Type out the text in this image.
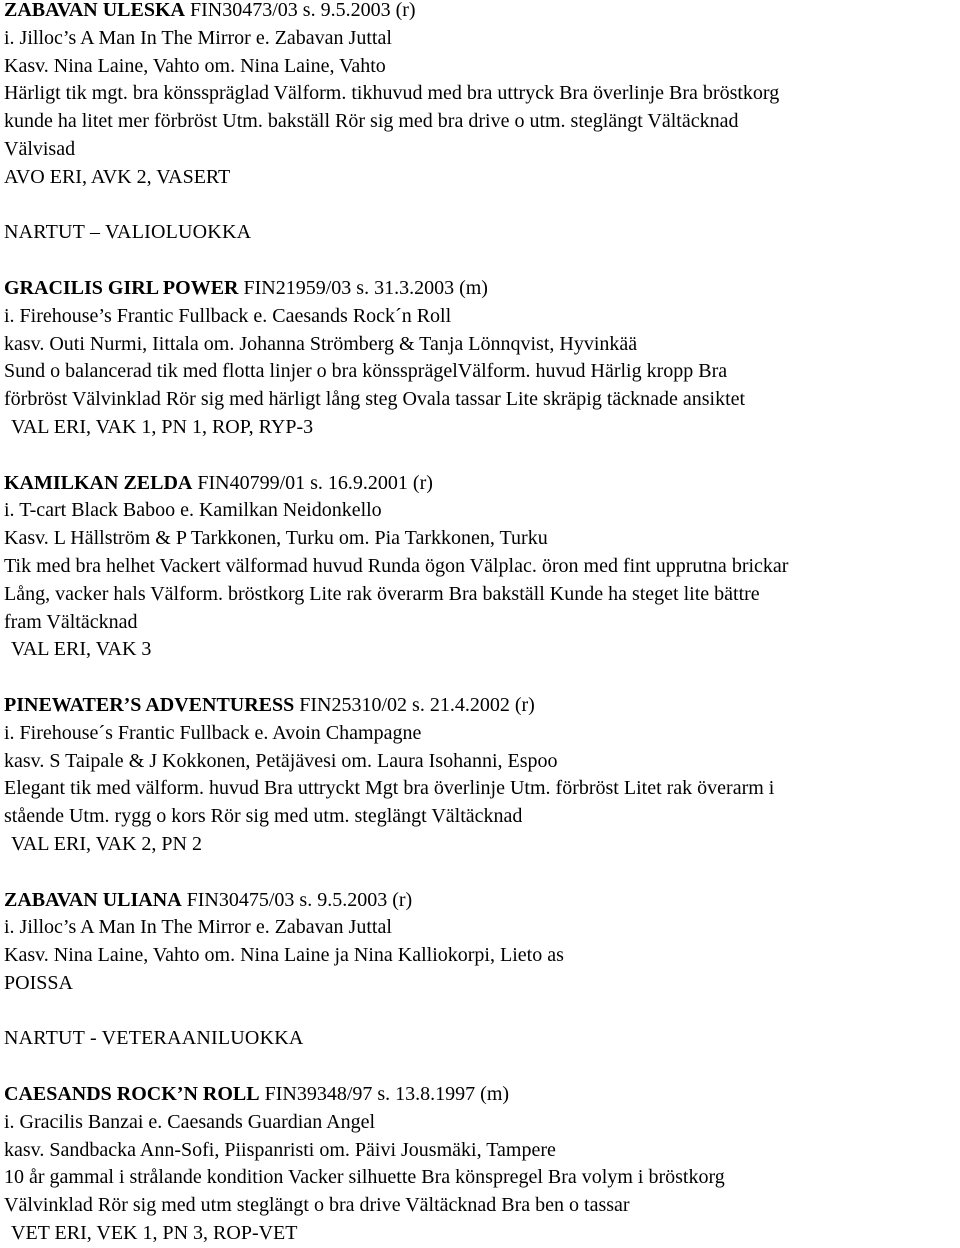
ZABAVAN ULESKA FIN30473/03 s. 9.5.2003 (r)
i. Jilloc’s A Man In The Mirror e. Zabavan Juttal
Kasv. Nina Laine, Vahto om. Nina Laine, Vahto
Härligt tik mgt. bra könsspräglad Välform. tikhuvud med bra uttryck Bra överlinje Bra bröstkorg
kunde ha litet mer förbröst Utm. bakställ Rör sig med bra drive o utm. steglängt Vältäcknad
Välvisad
AVO ERI, AVK 2, VASERT
NARTUT – VALIOLUOKKA
GRACILIS GIRL POWER FIN21959/03 s. 31.3.2003 (m)
i. Firehouse’s Frantic Fullback e. Caesands Rock´n Roll
kasv. Outi Nurmi, Iittala om. Johanna Strömberg & Tanja Lönnqvist, Hyvinkää
Sund o balancerad tik med flotta linjer o bra könssprägelVälform. huvud Härlig kropp Bra
förbröst Välvinklad Rör sig med härligt lång steg Ovala tassar Lite skräpig täcknade ansiktet
VAL ERI, VAK 1, PN 1, ROP, RYP-3
KAMILKAN ZELDA FIN40799/01 s. 16.9.2001 (r)
i. T-cart Black Baboo e. Kamilkan Neidonkello
Kasv. L Hällström & P Tarkkonen, Turku om. Pia Tarkkonen, Turku
Tik med bra helhet Vackert välformad huvud Runda ögon Välplac. öron med fint upprutna brickar
Lång, vacker hals Välform. bröstkorg Lite rak överarm Bra bakställ Kunde ha steget lite bättre
fram Vältäcknad
VAL ERI, VAK 3
PINEWATER’S ADVENTURESS FIN25310/02 s. 21.4.2002 (r)
i. Firehouse´s Frantic Fullback e. Avoin Champagne
kasv. S Taipale & J Kokkonen, Petäjävesi om. Laura Isohanni, Espoo
Elegant tik med välform. huvud Bra uttryckt Mgt bra överlinje Utm. förbröst Litet rak överarm i
stående Utm. rygg o kors Rör sig med utm. steglängt Vältäcknad
VAL ERI, VAK 2, PN 2
ZABAVAN ULIANA FIN30475/03 s. 9.5.2003 (r)
i. Jilloc’s A Man In The Mirror e. Zabavan Juttal
Kasv. Nina Laine, Vahto om. Nina Laine ja Nina Kalliokorpi, Lieto as
POISSA
NARTUT - VETERAANILUOKKA
CAESANDS ROCK’N ROLL FIN39348/97 s. 13.8.1997 (m)
i. Gracilis Banzai e. Caesands Guardian Angel
kasv. Sandbacka Ann-Sofi, Piispanristi om. Päivi Jousmäki, Tampere
10 år gammal i strålande kondition Vacker silhuette Bra könspregel Bra volym i bröstkorg
Välvinklad Rör sig med utm steglängt o bra drive Vältäcknad Bra ben o tassar
VET ERI, VEK 1, PN 3, ROP-VET
